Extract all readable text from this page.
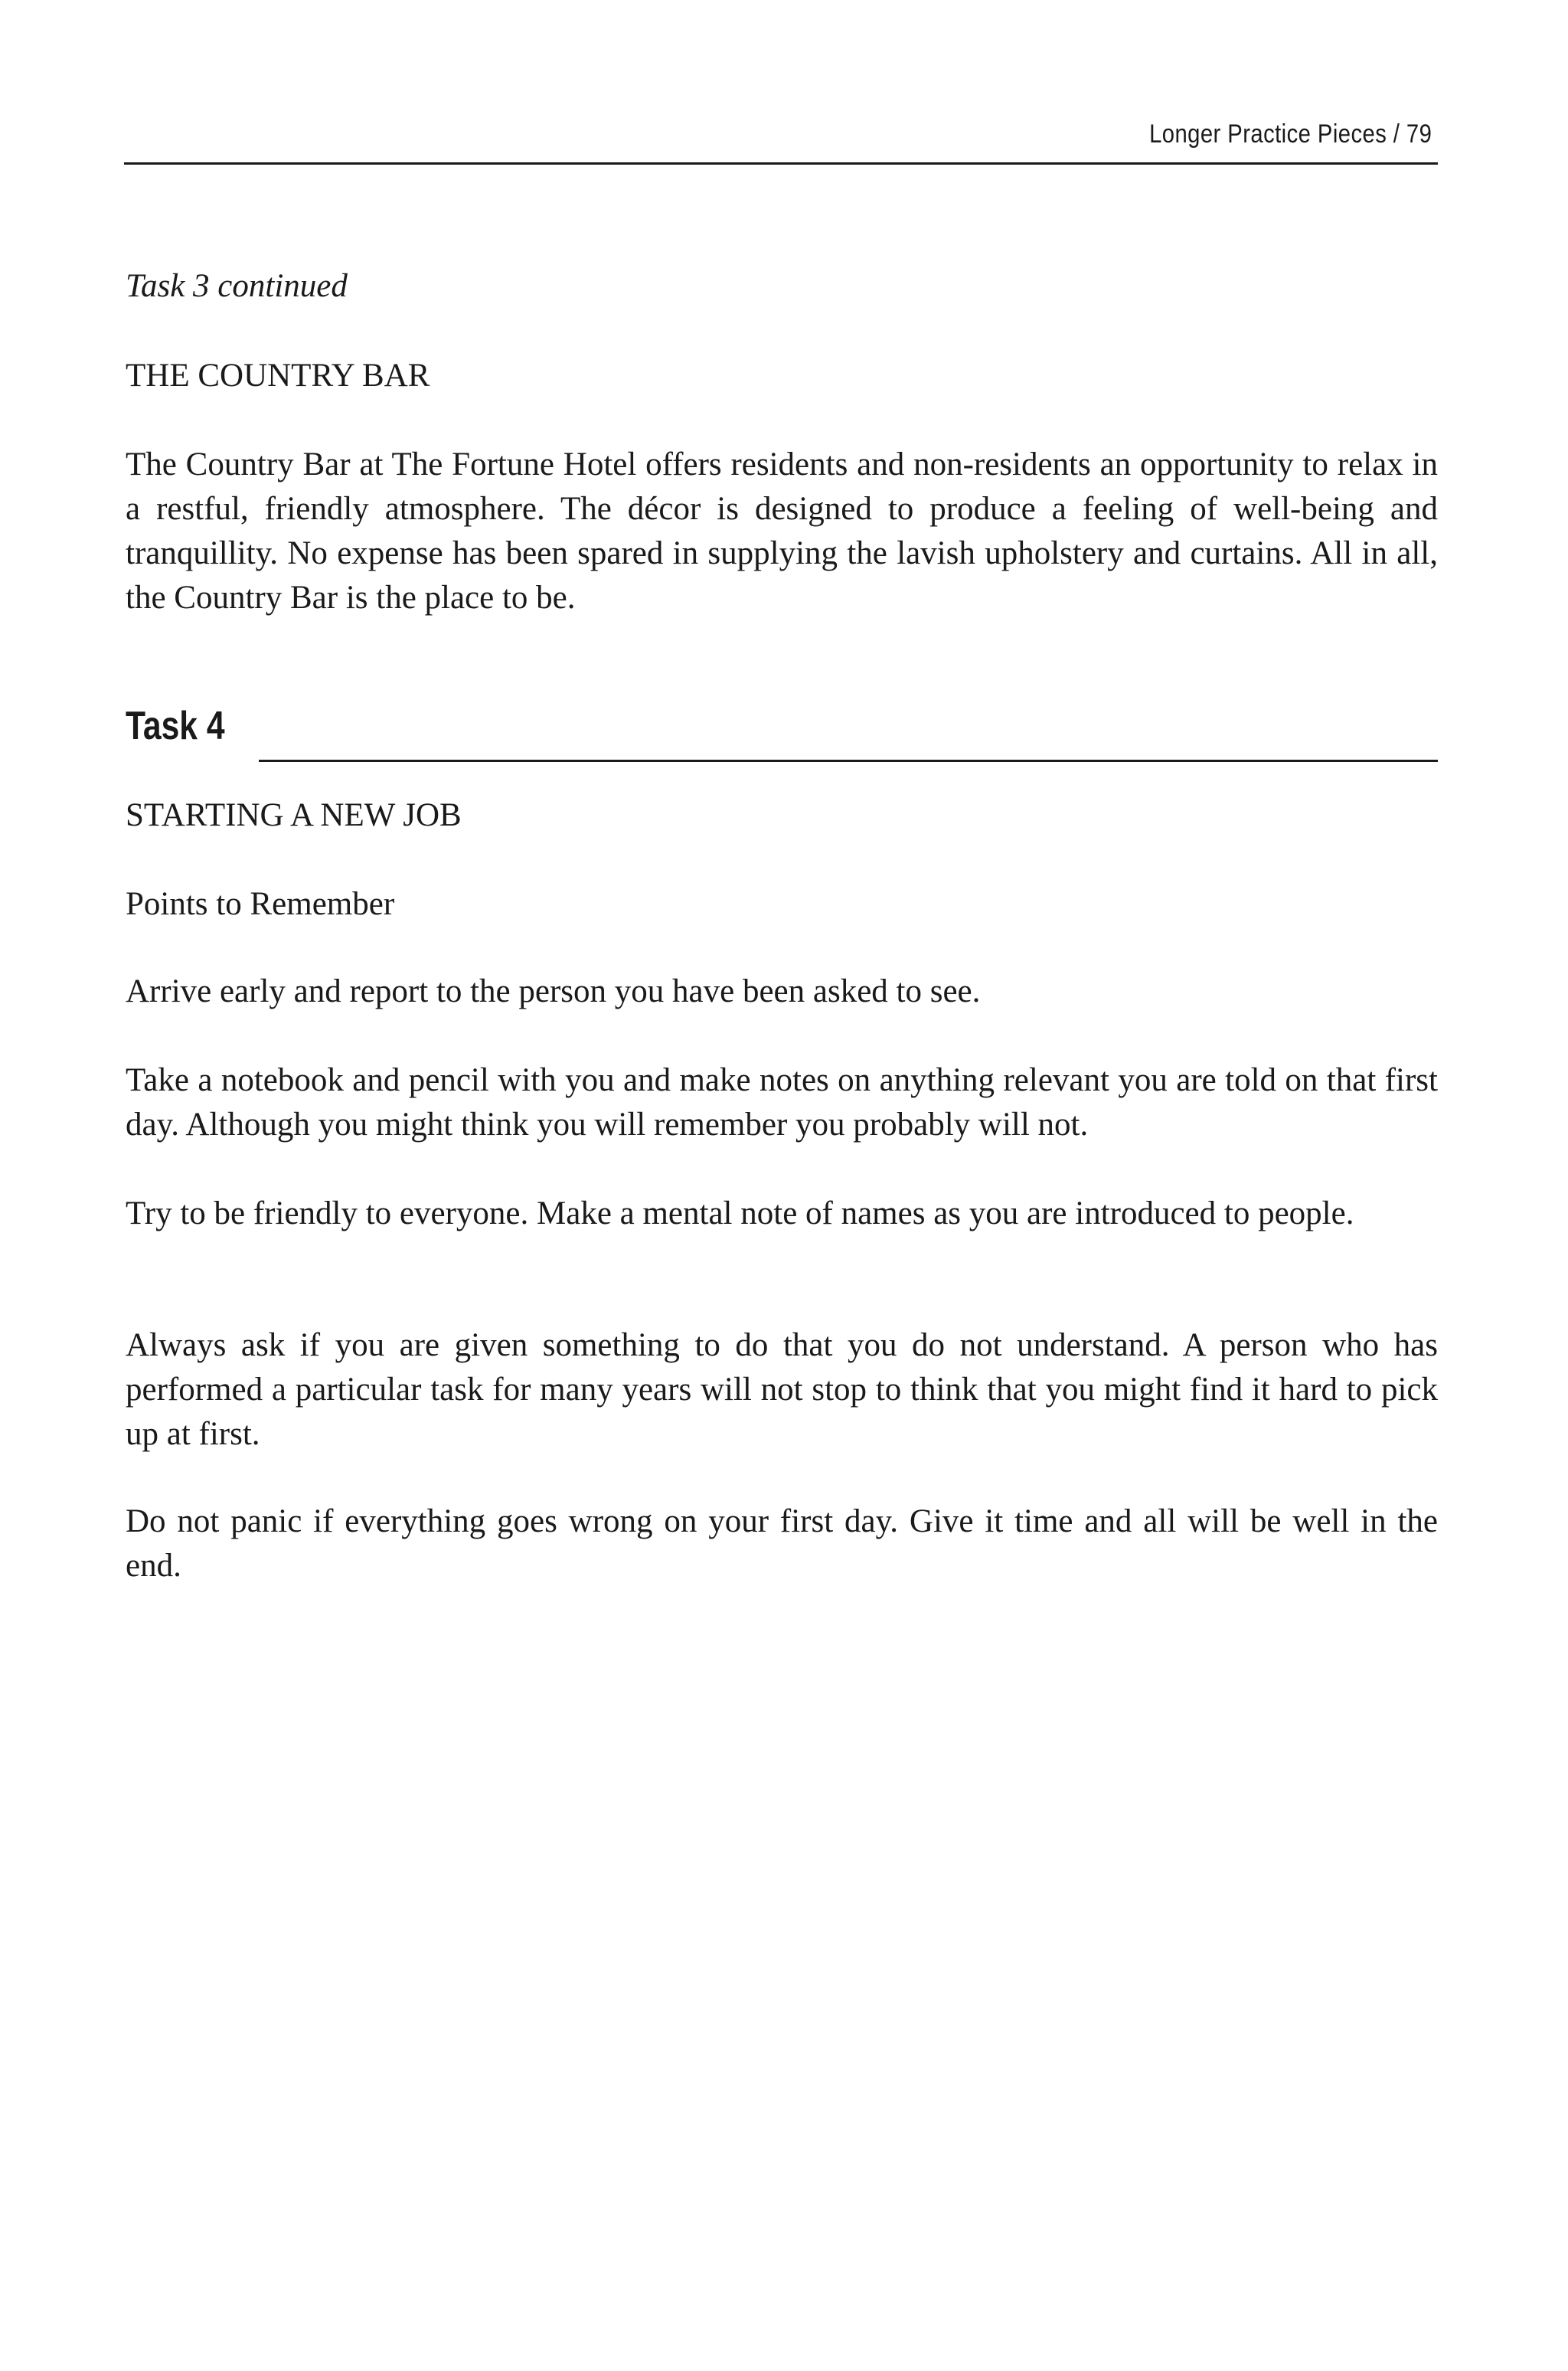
Longer Practice Pieces / 79
Task 3 continued
THE COUNTRY BAR
The Country Bar at The Fortune Hotel offers residents and non-residents an opportunity to relax in a restful, friendly atmosphere. The décor is designed to produce a feeling of well-being and tranquillity. No expense has been spared in supplying the lavish upholstery and curtains. All in all, the Country Bar is the place to be.
Task 4
STARTING A NEW JOB
Points to Remember
Arrive early and report to the person you have been asked to see.
Take a notebook and pencil with you and make notes on anything relevant you are told on that first day. Although you might think you will remember you probably will not.
Try to be friendly to everyone. Make a mental note of names as you are introduced to people.
Always ask if you are given something to do that you do not understand. A person who has performed a particular task for many years will not stop to think that you might find it hard to pick up at first.
Do not panic if everything goes wrong on your first day. Give it time and all will be well in the end.
